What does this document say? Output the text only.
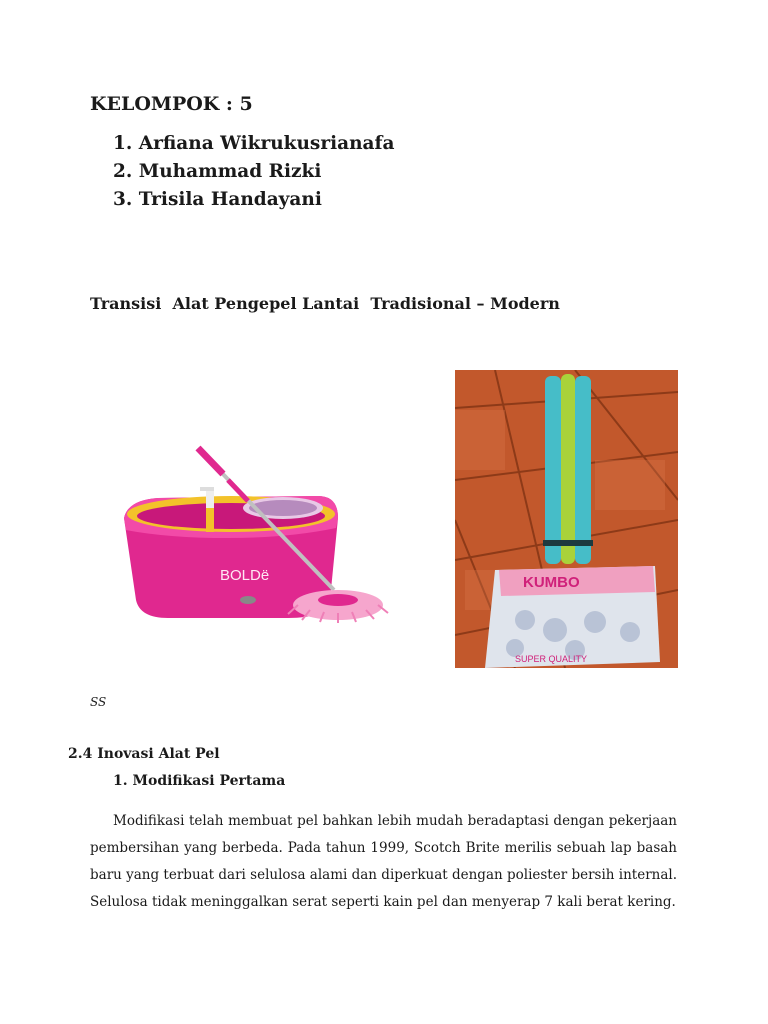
KELOMPOK : 5
1. Arfiana Wikrukusrianafa
2. Muhammad Rizki
3. Trisila Handayani
Transisi  Alat Pengepel Lantai  Tradisional – Modern
BOLDë	KUMBO
SUPER QUALITY
SS
2.4 Inovasi Alat Pel
1. Modifikasi Pertama
Modifikasi telah membuat pel bahkan lebih mudah beradaptasi dengan pekerjaan pembersihan yang berbeda. Pada tahun 1999, Scotch Brite merilis sebuah lap basah baru yang terbuat dari selulosa alami dan diperkuat dengan poliester bersih internal. Selulosa tidak meninggalkan serat seperti kain pel dan menyerap 7 kali berat kering.
